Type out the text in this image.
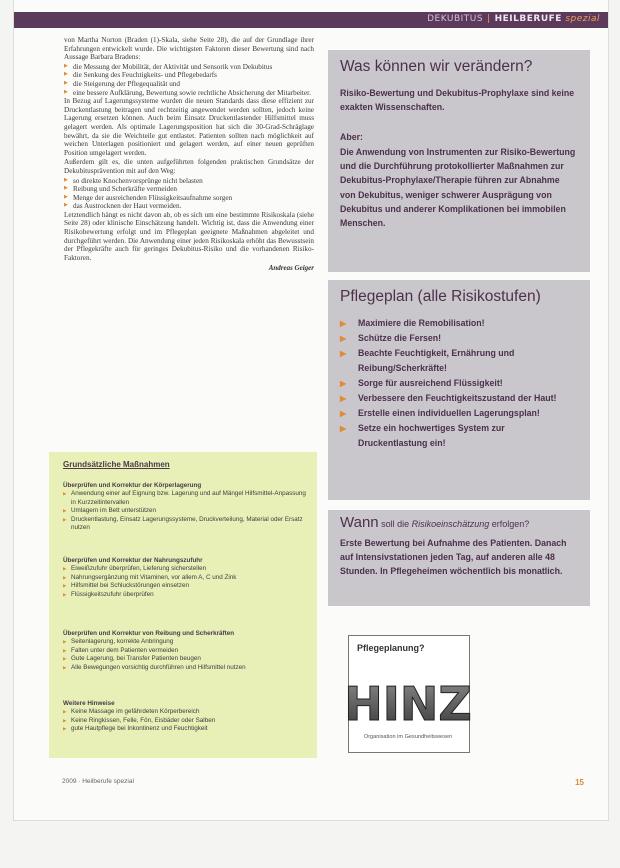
DEKUBITUS | HEILBERUFE spezial

von Martha Norton (Braden (1)-Skala, siehe Seite 28), die auf der Grundlage ihrer Erfahrungen entwickelt wurde. Die wichtigsten Faktoren dieser Bewertung sind nach Aussage Barbara Bradens:

▶ die Messung der Mobilität, der Aktivität und Sensorik von Dekubitus
▶ die Senkung des Feuchtigkeits- und Pflegebedarfs
▶ die Steigerung der Pflegequalität und
▶ eine bessere Aufklärung, Bewertung sowie rechtliche Absicherung der Mitarbeiter.

In Bezug auf Lagerungssysteme wurden die neuen Standards dass diese effizient zur Druckentlastung beitragen und rechtzeitig angewendet werden sollten, jedoch keine Lagerung ersetzen können. Auch beim Einsatz Druckentlastender Hilfsmittel muss gelagert werden. Als optimale Lagerungsposition hat sich die 30-Grad-Schräglage bewährt, da sie die Weichteile gut entlastet. Patienten sollten nach möglichkeit auf weichen Unterlagen positioniert und gelagert werden, auf einer neuen geprüften Position umgelagert werden.

Außerdem gilt es, die unten aufgeführten folgenden praktischen Grundsätze der Dekubitusprävention mit auf den Weg:

▶ so direkte Knochenvorsprünge nicht belasten
▶ Reibung und Scherkräfte vermeiden
▶ Menge der ausreichenden Flüssigkeitsaufnahme sorgen
▶ das Austrocknen der Haut vermeiden.

Letztendlich hängt es nicht davon ab, ob es sich um eine bestimmte Risikoskala (siehe Seite 28) oder klinische Einschätzung handelt. Wichtig ist, dass die Anwendung einer Risikobewertung erfolgt und im Pflegeplan geeignete Maßnahmen abgeleitet und durchgeführt werden. Die Anwendung einer jeden Risikoskala erhöht das Bewusstsein der Pflegekräfte auch für geringes Dekubitus-Risiko und die vorhandenen Risiko-Faktoren.

Andreas Geiger
Grundsätzliche Maßnahmen
Überprüfen und Korrektur der Körperlagerung
▶ Anwendung einer auf Eignung bzw. Lagerung und auf Mängel Hilfsmittel-Anpassung in Kurzzeitintervallen
▶ Umlagern im Bett unterstützen
▶ Druckentlastung, Einsatz Lagerungssysteme, Druckverteilung, Material oder Ersatz nutzen
Überprüfen und Korrektur der Nahrungszufuhr
▶ Eiweißzufuhr überprüfen, Lieferung sicherstellen
▶ Nahrungsergänzung mit Vitaminen, vor allem A, C und Zink
▶ Hilfsmittel bei Schluckstörungen einsetzen
▶ Flüssigkeitszufuhr überprüfen
Überprüfen und Korrektur von Reibung und Scherkräften
▶ Seitenlagerung, korrekte Anbringung
▶ Falten unter dem Patienten vermeiden
▶ Gute Lagerung, bei Transfer Patienten beugen
▶ Alle Bewegungen vorsichtig durchführen und Hilfsmittel nutzen
Weitere Hinweise
▶ Keine Massage im gefährdeten Körperbereich
▶ Keine Ringkissen, Felle, Fön, Eisbäder oder Salben
▶ gute Hautpflege bei Inkontinenz und Feuchtigkeit
2009 · Heilberufe spezial	15
Was können wir verändern?
Risiko-Bewertung und Dekubitus-Prophylaxe sind keine exakten Wissenschaften.
Aber:
Die Anwendung von Instrumenten zur Risiko-Bewertung und die Durchführung protokollierter Maßnahmen zur Dekubitus-Prophylaxe/Therapie führen zur Abnahme von Dekubitus, weniger schwerer Ausprägung von Dekubitus und anderer Komplikationen bei immobilen Menschen.
Pflegeplan (alle Risikostufen)
▶ Maximiere die Remobilisation!
▶ Schütze die Fersen!
▶ Beachte Feuchtigkeit, Ernährung und Reibung/Scherkräfte!
▶ Sorge für ausreichend Flüssigkeit!
▶ Verbessere den Feuchtigkeitszustand der Haut!
▶ Erstelle einen individuellen Lagerungsplan!
▶ Setze ein hochwertiges System zur Druckentlastung ein!
Wann soll die Risikoeinschätzung erfolgen?
Erste Bewertung bei Aufnahme des Patienten. Danach auf Intensivstationen jeden Tag, auf anderen alle 48 Stunden. In Pflegeheimen wöchentlich bis monatlich.
Pflegeplanung?
HINZ
Organisation im Gesundheitswesen
